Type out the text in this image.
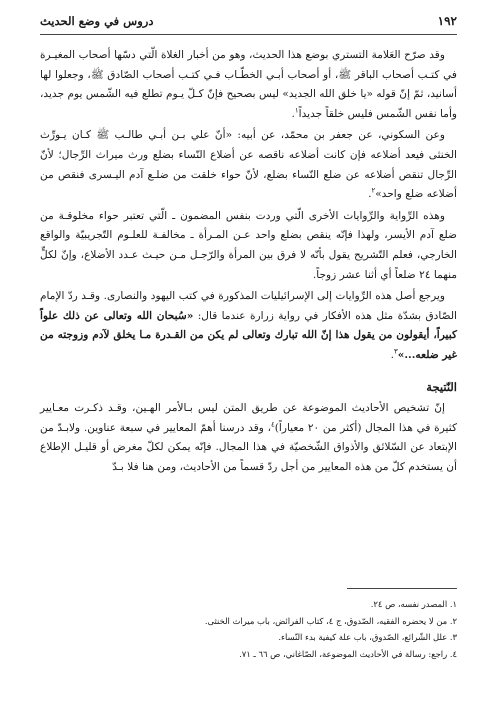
١٩٢
دروس في وضع الحديث

وقد صرّح العَلامة التستري بوضع هذا الحديث، وهو من أخبار الغلاة الّتي دسّها أصحاب المغيـرة في كتـب أصحاب الباقر ﷺ، أو أصحاب أبـي الخطّـاب فـي كتـب أصحاب الصّادق ﷺ، وجعلوا لها أسانيد، ثمّ إنّ قوله «يا خلق الله الجديد» ليس بصحيح فإنّ كـلّ يـوم تطلع فيه الشّمس يوم جديد، وأما نفس الشّمس فليس خلقاً جديداً$^١$.

وعن السكوني، عن جعفر بن محمّد، عن أبيه: «أنّ علي بـن أبـي طالـب ﷺ كـان يـورِّث الخنثى فيعد أضلاعه فإن كانت أضلاعه ناقصه عن أضلاع النّساء بضلع ورث ميراث الرِّجال؛ لأنّ الرِّجال تنقص أضلاعه عن ضلع النّساء بضلع، لأنّ حواء خلقت من ضلـع آدم اليـسرى فنقص من أضلاعه ضلع واحد»$^٢$.

وهذه الرِّواية والرِّوايات الأخرى الّتي وردت بنفس المضمون ـ الّتي تعتبر حواء مخلوقـة من ضلع آدم الأيسر، ولهذا فإنّه ينقص بضلع واحد عـن المـرأة ـ مخالفـة للعلـوم التّجريبيّة والواقع الخارجي، فعلم التّشريح يقول بأنّه لا فرق بين المرأة والرّجـل مـن حيـث عـدد الأضلاع، وإنّ لكلٍّ منهما ٢٤ ضلعاً أي أثنا عشر زوجاً.

ويرجع أصل هذه الرِّوايات إلى الإسرائيليات المذكورة في كتب اليهود والنصارى. وقـد ردّ الإمام الصّادق بشدّة مثل هذه الأفكار في رواية زرارة عندما قال: «سُبحان الله وتعالى عن ذلك علواً كبيراً، أيقولون من يقول هذا إنّ الله تبارك وتعالى لم يكن من القـدرة مـا يخلق لآدم وزوجته من غير ضلعه...»$^٣$.

النّتيجة

إنّ تشخيص الأحاديث الموضوعة عن طريق المتن ليس بـالأمر الهـين، وقـد ذكـرت معـايير كثيرة في هذا المجال (أكثر من ٢٠ معياراً)$^٤$، وقد درسنا أهمّ المعايير في سبعة عناوين. ولابـدّ من الإبتعاد عن السّلائق والأذواق الشّخصيّة في هذا المجال. فإنّه يمكن لكلّ مغرض أو قليـل الإطلاع أن يستخدم كلّ من هذه المعايير من أجل ردّ قسماً من الأحاديث، ومن هنا فلا بـدّ

١. المصدر نفسه، ص ٢٤.
٢. من لا يحضره الفقيه، الصّدوق، ج ٤، كتاب الفرائض، باب ميراث الخنثى.
٣. علل الشّرائع، الصّدوق، باب علة كيفية بدء النّساء.
٤. راجع: رسالة في الأحاديث الموضوعة، الصّاغاني، ص ٦٦ ـ ٧١.
